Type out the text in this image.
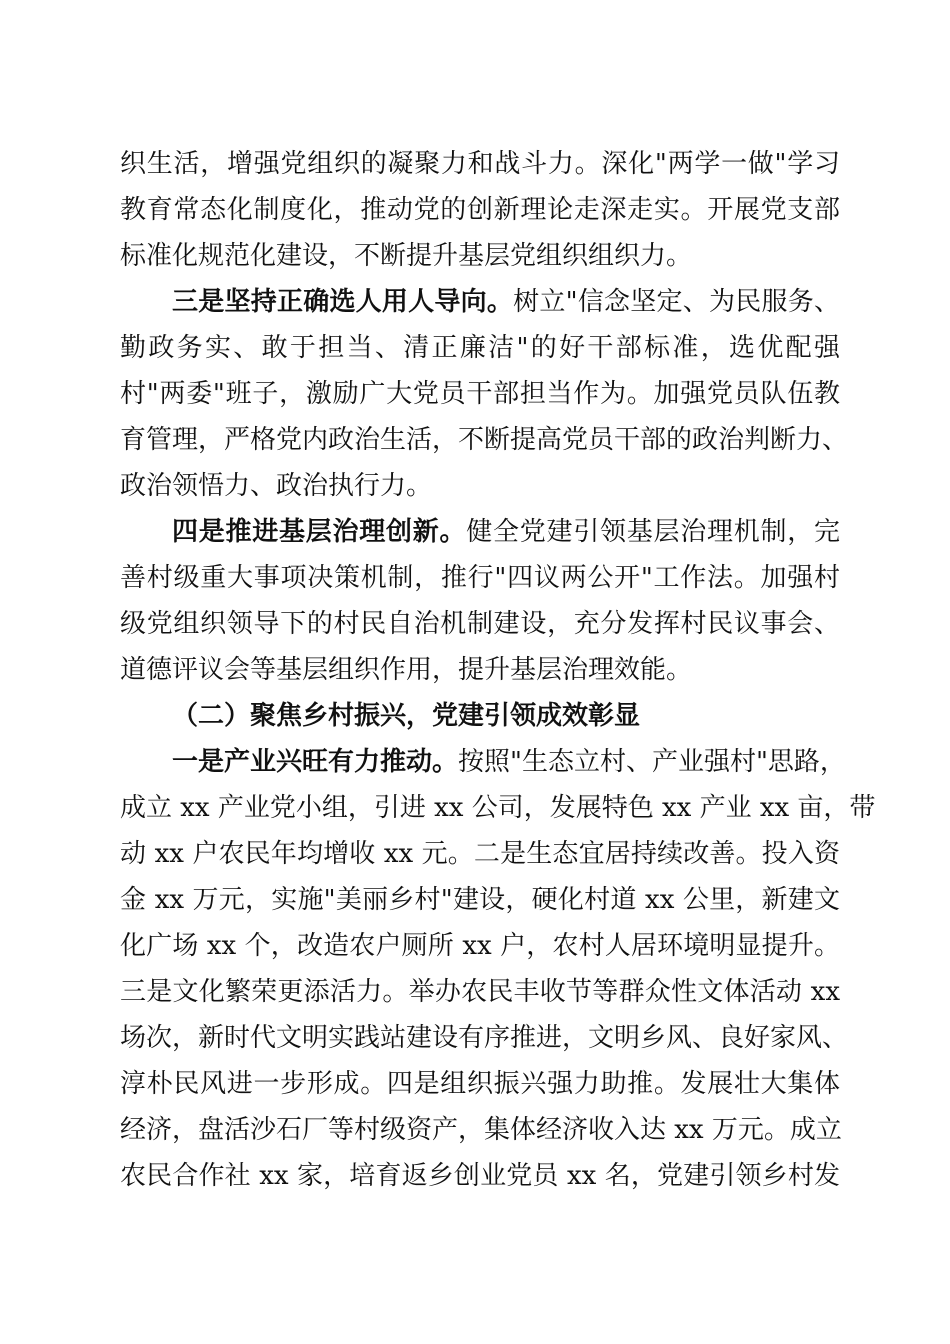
织生活，增强党组织的凝聚力和战斗力。深化"两学一做"学习
教育常态化制度化，推动党的创新理论走深走实。开展党支部
标准化规范化建设，不断提升基层党组织组织力。
三是坚持正确选人用人导向。树立"信念坚定、为民服务、
勤政务实、敢于担当、清正廉洁"的好干部标准，选优配强
村"两委"班子，激励广大党员干部担当作为。加强党员队伍教
育管理，严格党内政治生活，不断提高党员干部的政治判断力、
政治领悟力、政治执行力。
四是推进基层治理创新。健全党建引领基层治理机制，完
善村级重大事项决策机制，推行"四议两公开"工作法。加强村
级党组织领导下的村民自治机制建设，充分发挥村民议事会、
道德评议会等基层组织作用，提升基层治理效能。
（二）聚焦乡村振兴，党建引领成效彰显
一是产业兴旺有力推动。按照"生态立村、产业强村"思路，
成立 xx 产业党小组，引进 xx 公司，发展特色 xx 产业 xx 亩，带
动 xx 户农民年均增收 xx 元。二是生态宜居持续改善。投入资
金 xx 万元，实施"美丽乡村"建设，硬化村道 xx 公里，新建文
化广场 xx 个，改造农户厕所 xx 户，农村人居环境明显提升。
三是文化繁荣更添活力。举办农民丰收节等群众性文体活动 xx
场次，新时代文明实践站建设有序推进，文明乡风、良好家风、
淳朴民风进一步形成。四是组织振兴强力助推。发展壮大集体
经济，盘活沙石厂等村级资产，集体经济收入达 xx 万元。成立
农民合作社 xx 家，培育返乡创业党员 xx 名，党建引领乡村发
